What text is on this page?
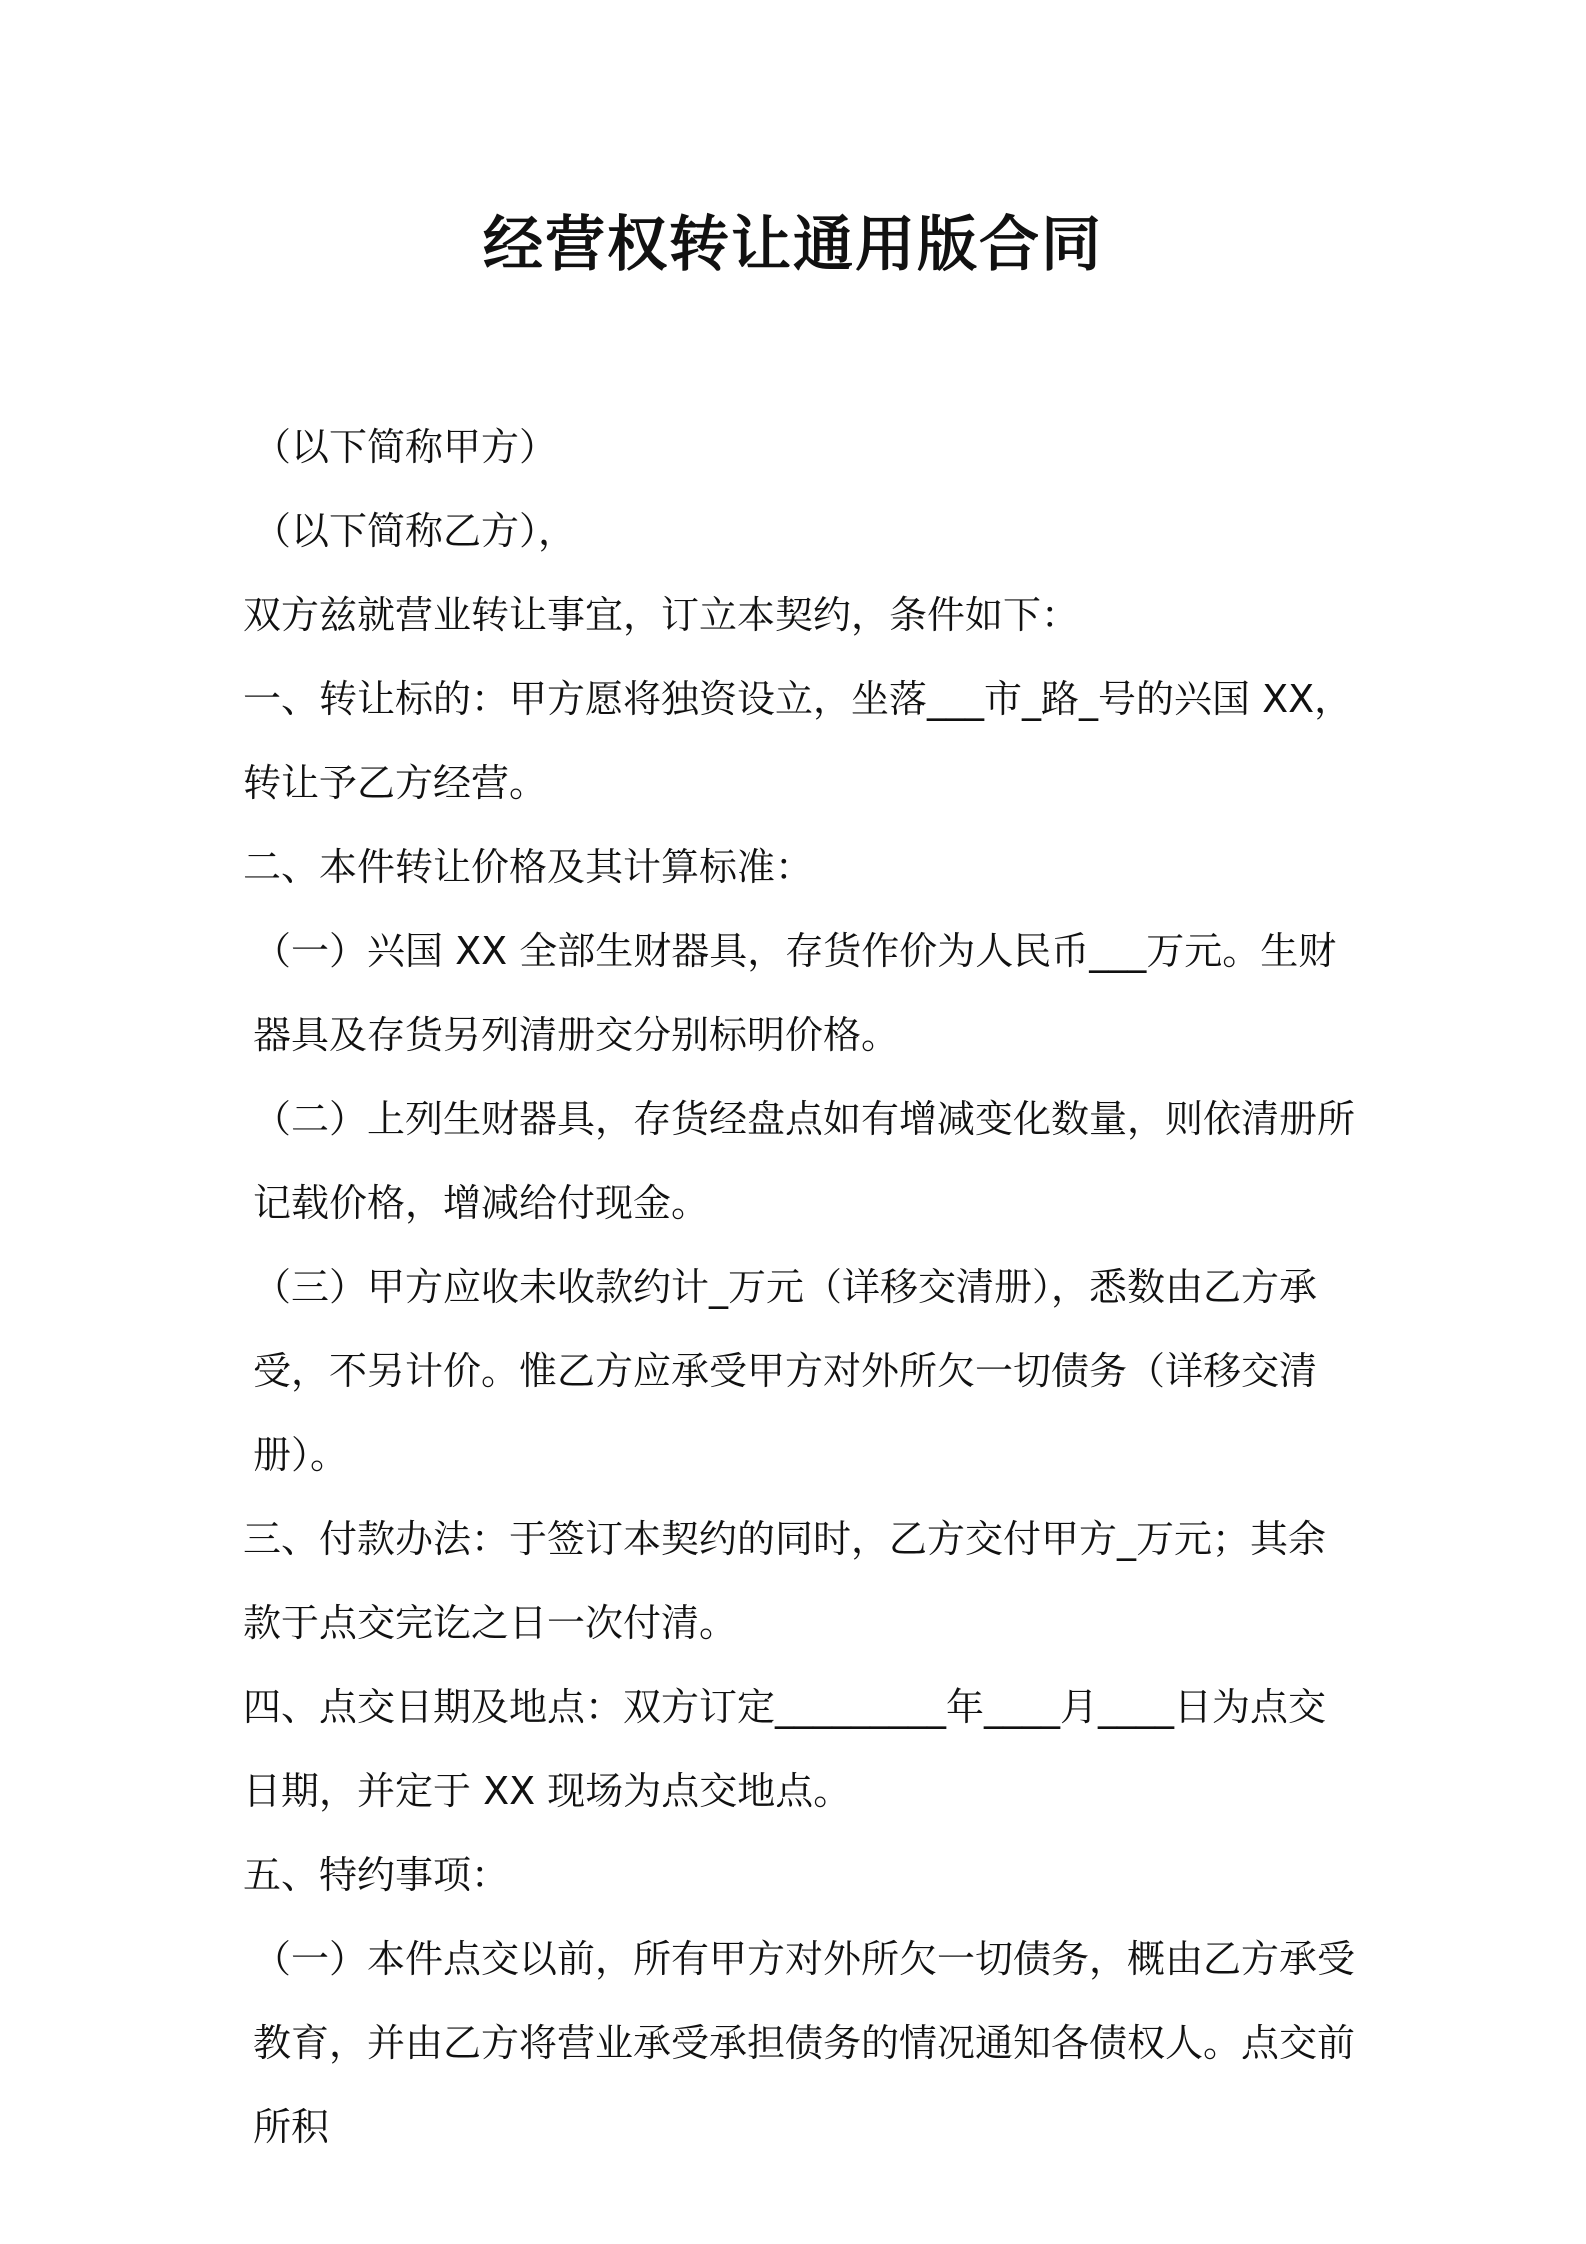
经营权转让通用版合同

（以下简称甲方）

（以下简称乙方），

双方兹就营业转让事宜，订立本契约，条件如下：

一、转让标的：甲方愿将独资设立，坐落___市_路_号的兴国 XX，转让予乙方经营。

二、本件转让价格及其计算标准：

（一）兴国 XX 全部生财器具，存货作价为人民币___万元。生财器具及存货另列清册交分别标明价格。

（二）上列生财器具，存货经盘点如有增减变化数量，则依清册所记载价格，增减给付现金。

（三）甲方应收未收款约计_万元（详移交清册），悉数由乙方承受，不另计价。惟乙方应承受甲方对外所欠一切债务（详移交清册）。

三、付款办法：于签订本契约的同时，乙方交付甲方_万元；其余款于点交完讫之日一次付清。

四、点交日期及地点：双方订定_________年____月____日为点交日期，并定于 XX 现场为点交地点。

五、特约事项：

（一）本件点交以前，所有甲方对外所欠一切债务，概由乙方承受教育，并由乙方将营业承受承担债务的情况通知各债权人。点交前所积
